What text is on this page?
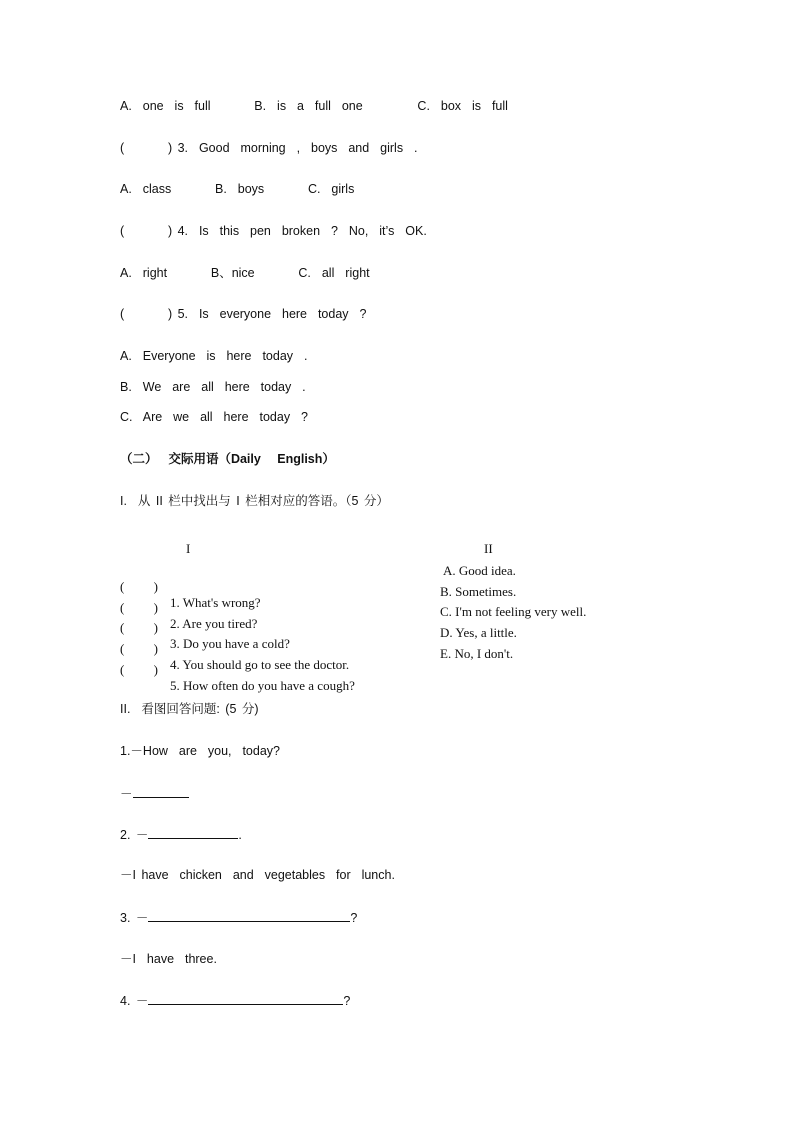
A.  one  is  full        B.  is  a  full  one          C.  box  is  full
(        ) 3.  Good  morning  ,  boys  and  girls  .
A.  class        B.  boys        C.  girls
(        ) 4.  Is  this  pen  broken  ?  No,  it’s  OK.
A.  right        B、nice        C.  all  right
(        ) 5.  Is  everyone  here  today  ?
A.  Everyone  is  here  today  .
B.  We  are  all  here  today  .
C.  Are  we  all  here  today  ?
（二）  交际用语（Daily   English）
I.  从 II 栏中找出与 I 栏相对应的答语。（5 分）
I	II

(         )

1. What's wrong?

(         )

2. Are you tired?

(         )

3. Do you have a cold?

(         )

4. You should go to see the doctor.

(         )

5. How often do you have a cough?

A. Good idea.
B. Sometimes.
C. I'm not feeling very well.
D. Yes, a little.
E. No, I don't.
II.  看图回答问题: (5 分)
1.－How  are  you,  today?
－
2. －	.
－I have  chicken  and  vegetables  for  lunch.
3. －	?
－I  have  three.
4. －	?
